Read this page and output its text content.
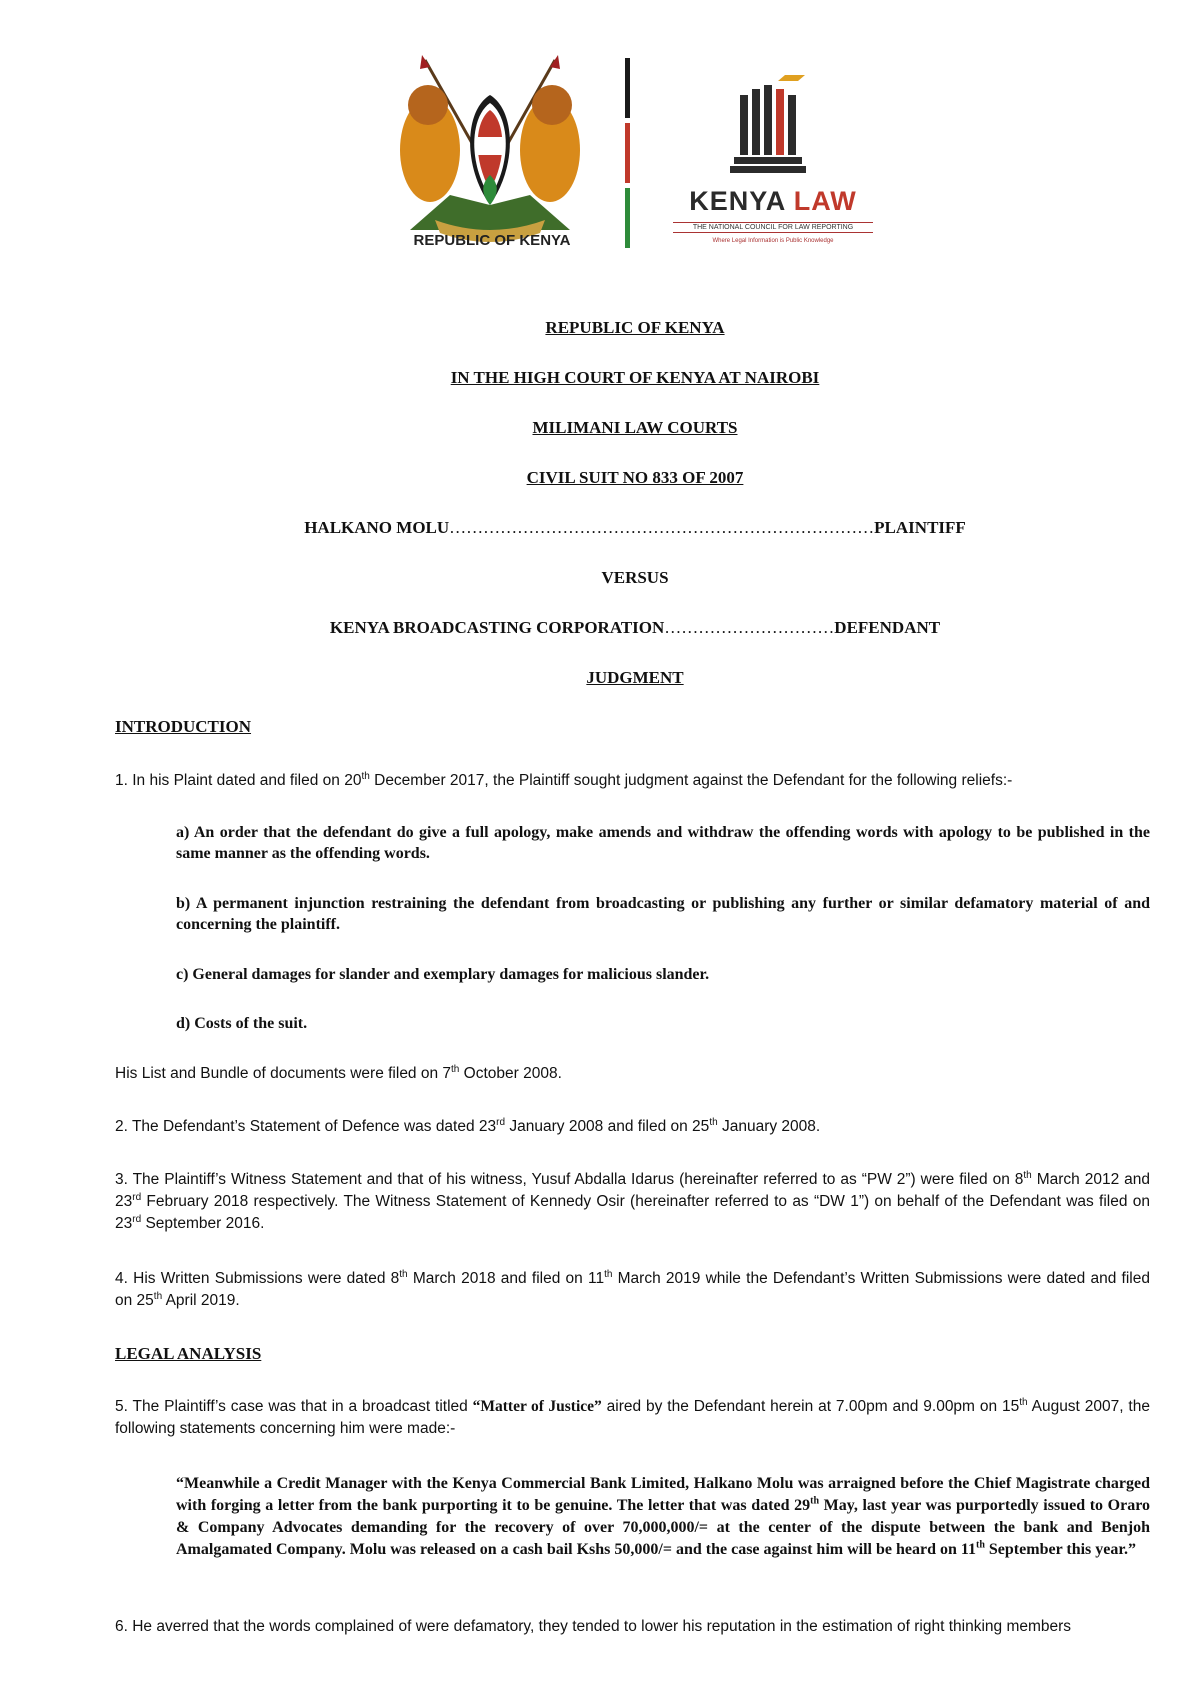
REPUBLIC OF KENYA
KENYA LAW
THE NATIONAL COUNCIL FOR LAW REPORTING
Where Legal Information is Public Knowledge
REPUBLIC OF KENYA
IN THE HIGH COURT OF KENYA AT NAIROBI
MILIMANI LAW COURTS
CIVIL SUIT NO 833 OF 2007
HALKANO MOLU…………………………………………………………………PLAINTIFF
VERSUS
KENYA BROADCASTING CORPORATION…………………………DEFENDANT
JUDGMENT
INTRODUCTION
1. In his Plaint dated and filed on 20th December 2017, the Plaintiff sought judgment against the Defendant for the following reliefs:-
a) An order that the defendant do give a full apology, make amends and withdraw the offending words with apology to be published in the same manner as the offending words.
b) A permanent injunction restraining the defendant from broadcasting or publishing any further or similar defamatory material of and concerning the plaintiff.
c) General damages for slander and exemplary damages for malicious slander.
d) Costs of the suit.
His List and Bundle of documents were filed on 7th October 2008.
2. The Defendant’s Statement of Defence was dated 23rd January 2008 and filed on 25th January 2008.
3. The Plaintiff’s Witness Statement and that of his witness, Yusuf Abdalla Idarus (hereinafter referred to as “PW 2”) were filed on 8th March 2012 and 23rd February 2018 respectively. The Witness Statement of Kennedy Osir (hereinafter referred to as “DW 1”) on behalf of the Defendant was filed on 23rd September 2016.
4. His Written Submissions were dated 8th March 2018 and filed on 11th March 2019 while the Defendant’s Written Submissions were dated and filed on 25th April 2019.
LEGAL ANALYSIS
5. The Plaintiff’s case was that in a broadcast titled “Matter of Justice” aired by the Defendant herein at 7.00pm and 9.00pm on 15th August 2007, the following statements concerning him were made:-
“Meanwhile a Credit Manager with the Kenya Commercial Bank Limited, Halkano Molu was arraigned before the Chief Magistrate charged with forging a letter from the bank purporting it to be genuine. The letter that was dated 29th May, last year was purportedly issued to Oraro & Company Advocates demanding for the recovery of over 70,000,000/= at the center of the dispute between the bank and Benjoh Amalgamated Company. Molu was released on a cash bail Kshs 50,000/= and the case against him will be heard on 11th September this year.”
6. He averred that the words complained of were defamatory, they tended to lower his reputation in the estimation of right thinking members
